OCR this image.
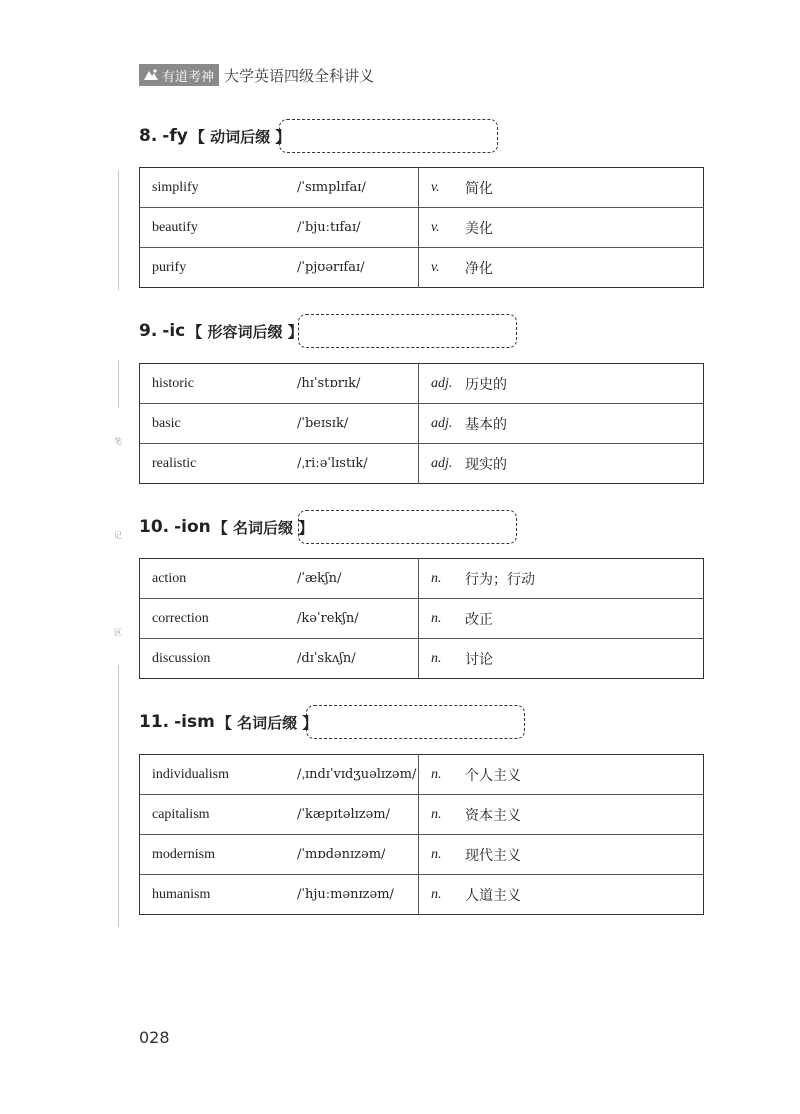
有道考神 大学英语四级全科讲义
笔
记
区
8. -fy 【 动词后缀 】
simplify	/ˈsɪmplɪfaɪ/	v.	简化
beautify	/ˈbjuːtɪfaɪ/	v.	美化
purify	/ˈpjʊərɪfaɪ/	v.	净化
9. -ic 【 形容词后缀 】
historic	/hɪˈstɒrɪk/	adj.	历史的
basic	/ˈbeɪsɪk/	adj.	基本的
realistic	/ˌriːəˈlɪstɪk/	adj.	现实的
10. -ion 【 名词后缀 】
action	/ˈækʃn/	n.	行为；行动
correction	/kəˈrekʃn/	n.	改正
discussion	/dɪˈskʌʃn/	n.	讨论
11. -ism 【 名词后缀 】
individualism	/ˌɪndɪˈvɪdʒuəlɪzəm/	n.	个人主义
capitalism	/ˈkæpɪtəlɪzəm/	n.	资本主义
modernism	/ˈmɒdənɪzəm/	n.	现代主义
humanism	/ˈhjuːmənɪzəm/	n.	人道主义
028
